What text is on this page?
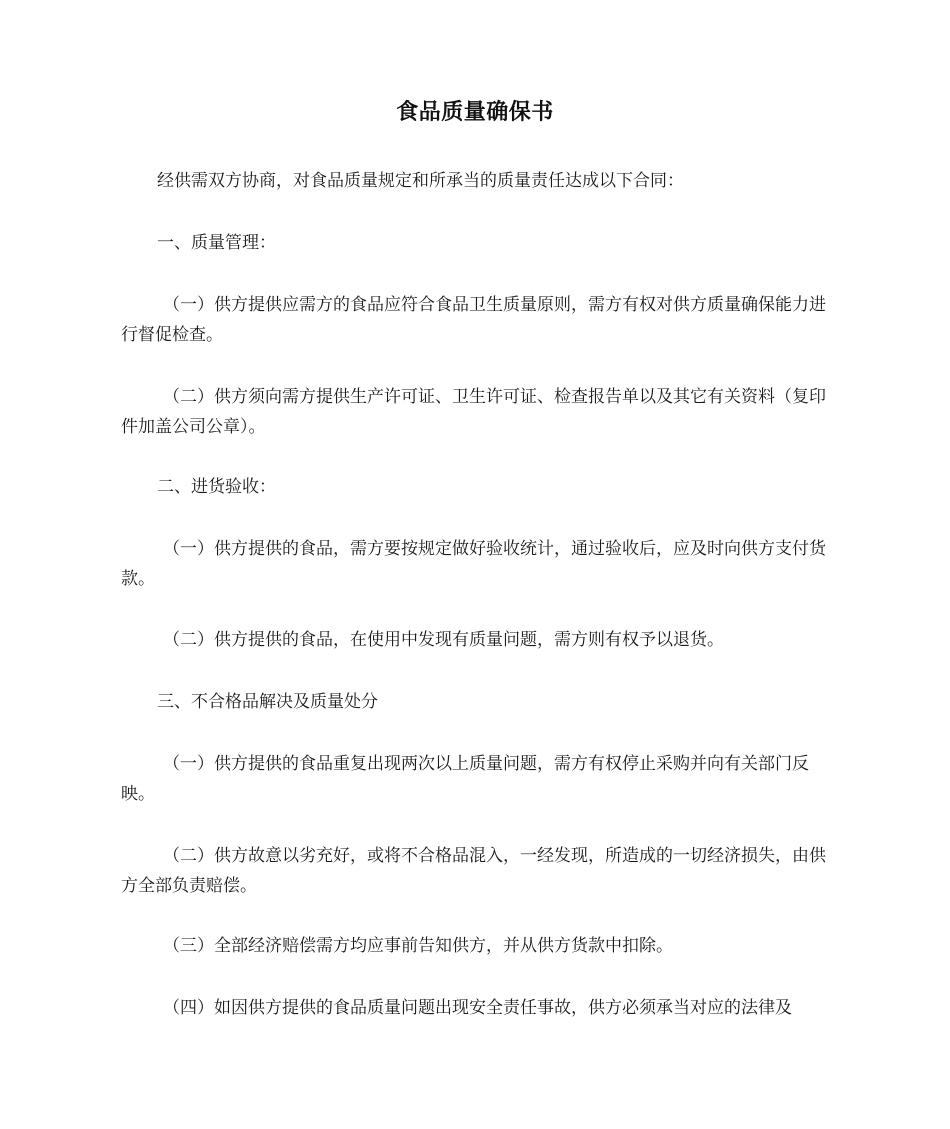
食品质量确保书

经供需双方协商，对食品质量规定和所承当的质量责任达成以下合同：

一、质量管理：

（一）供方提供应需方的食品应符合食品卫生质量原则，需方有权对供方质量确保能力进行督促检查。

（二）供方须向需方提供生产许可证、卫生许可证、检查报告单以及其它有关资料（复印件加盖公司公章）。

二、进货验收：

（一）供方提供的食品，需方要按规定做好验收统计，通过验收后，应及时向供方支付货款。

（二）供方提供的食品，在使用中发现有质量问题，需方则有权予以退货。

三、不合格品解决及质量处分

（一）供方提供的食品重复出现两次以上质量问题，需方有权停止采购并向有关部门反映。

（二）供方故意以劣充好，或将不合格品混入，一经发现，所造成的一切经济损失，由供方全部负责赔偿。

（三）全部经济赔偿需方均应事前告知供方，并从供方货款中扣除。

（四）如因供方提供的食品质量问题出现安全责任事故，供方必须承当对应的法律及
